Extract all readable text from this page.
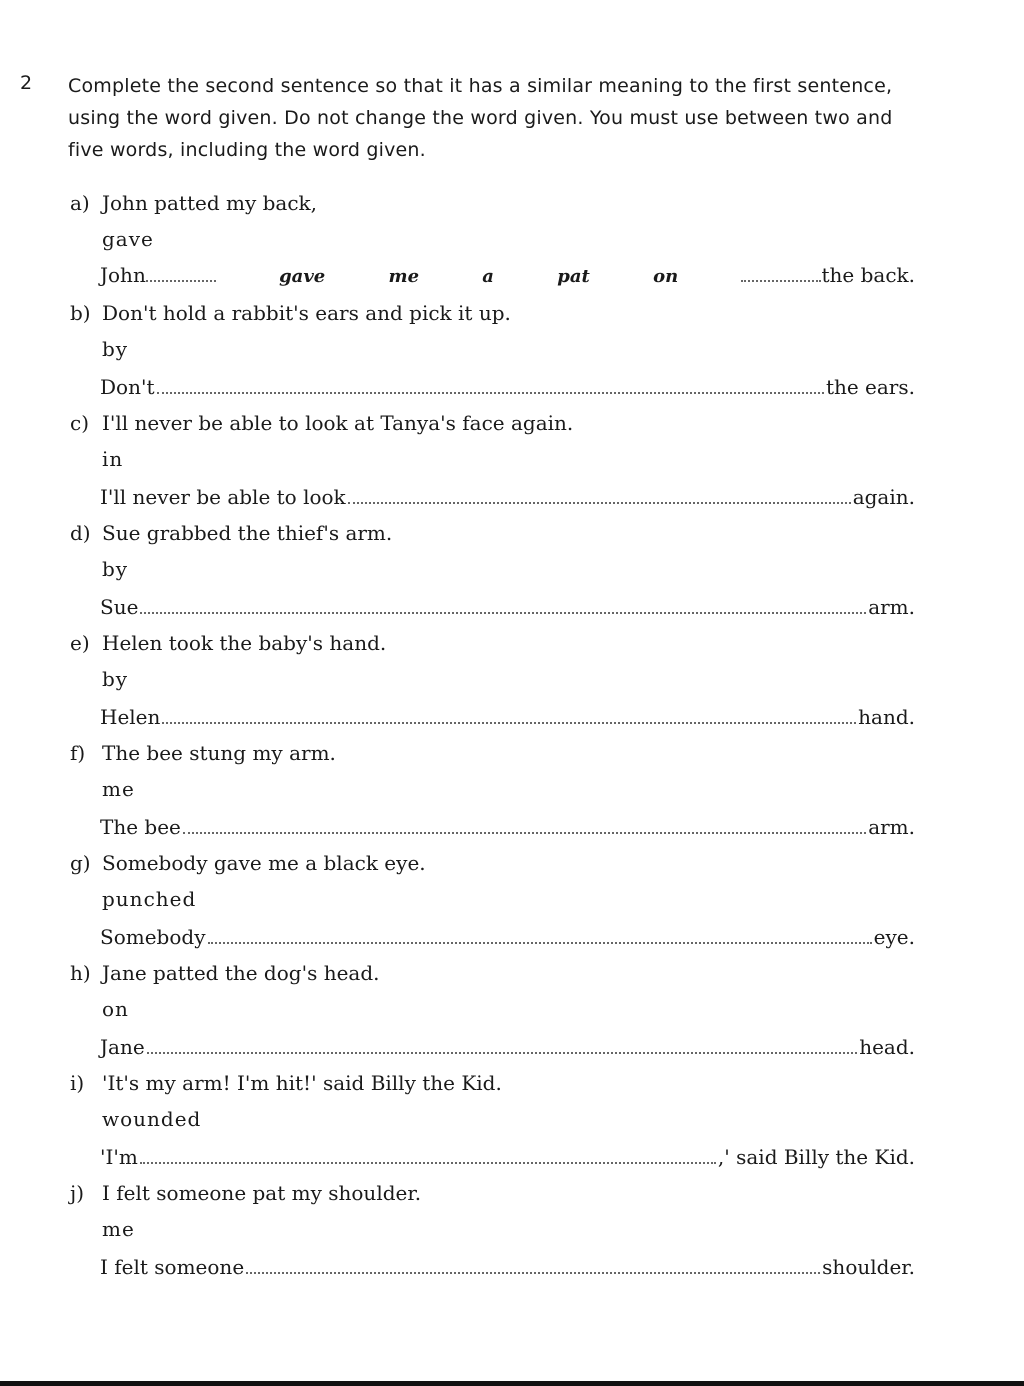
2 Complete the second sentence so that it has a similar meaning to the first sentence, using the word given. Do not change the word given. You must use between two and five words, including the word given.
a) John patted my back,
gave
John	gave	me	a	pat	on	the back.
b) Don't hold a rabbit's ears and pick it up.
by
Don't	the ears.
c) I'll never be able to look at Tanya's face again.
in
I'll never be able to look	again.
d) Sue grabbed the thief's arm.
by
Sue	arm.
e) Helen took the baby's hand.
by
Helen	hand.
f) The bee stung my arm.
me
The bee	arm.
g) Somebody gave me a black eye.
punched
Somebody	eye.
h) Jane patted the dog's head.
on
Jane	head.
i) 'It's my arm! I'm hit!' said Billy the Kid.
wounded
'I'm	,' said Billy the Kid.
j) I felt someone pat my shoulder.
me
I felt someone	shoulder.
